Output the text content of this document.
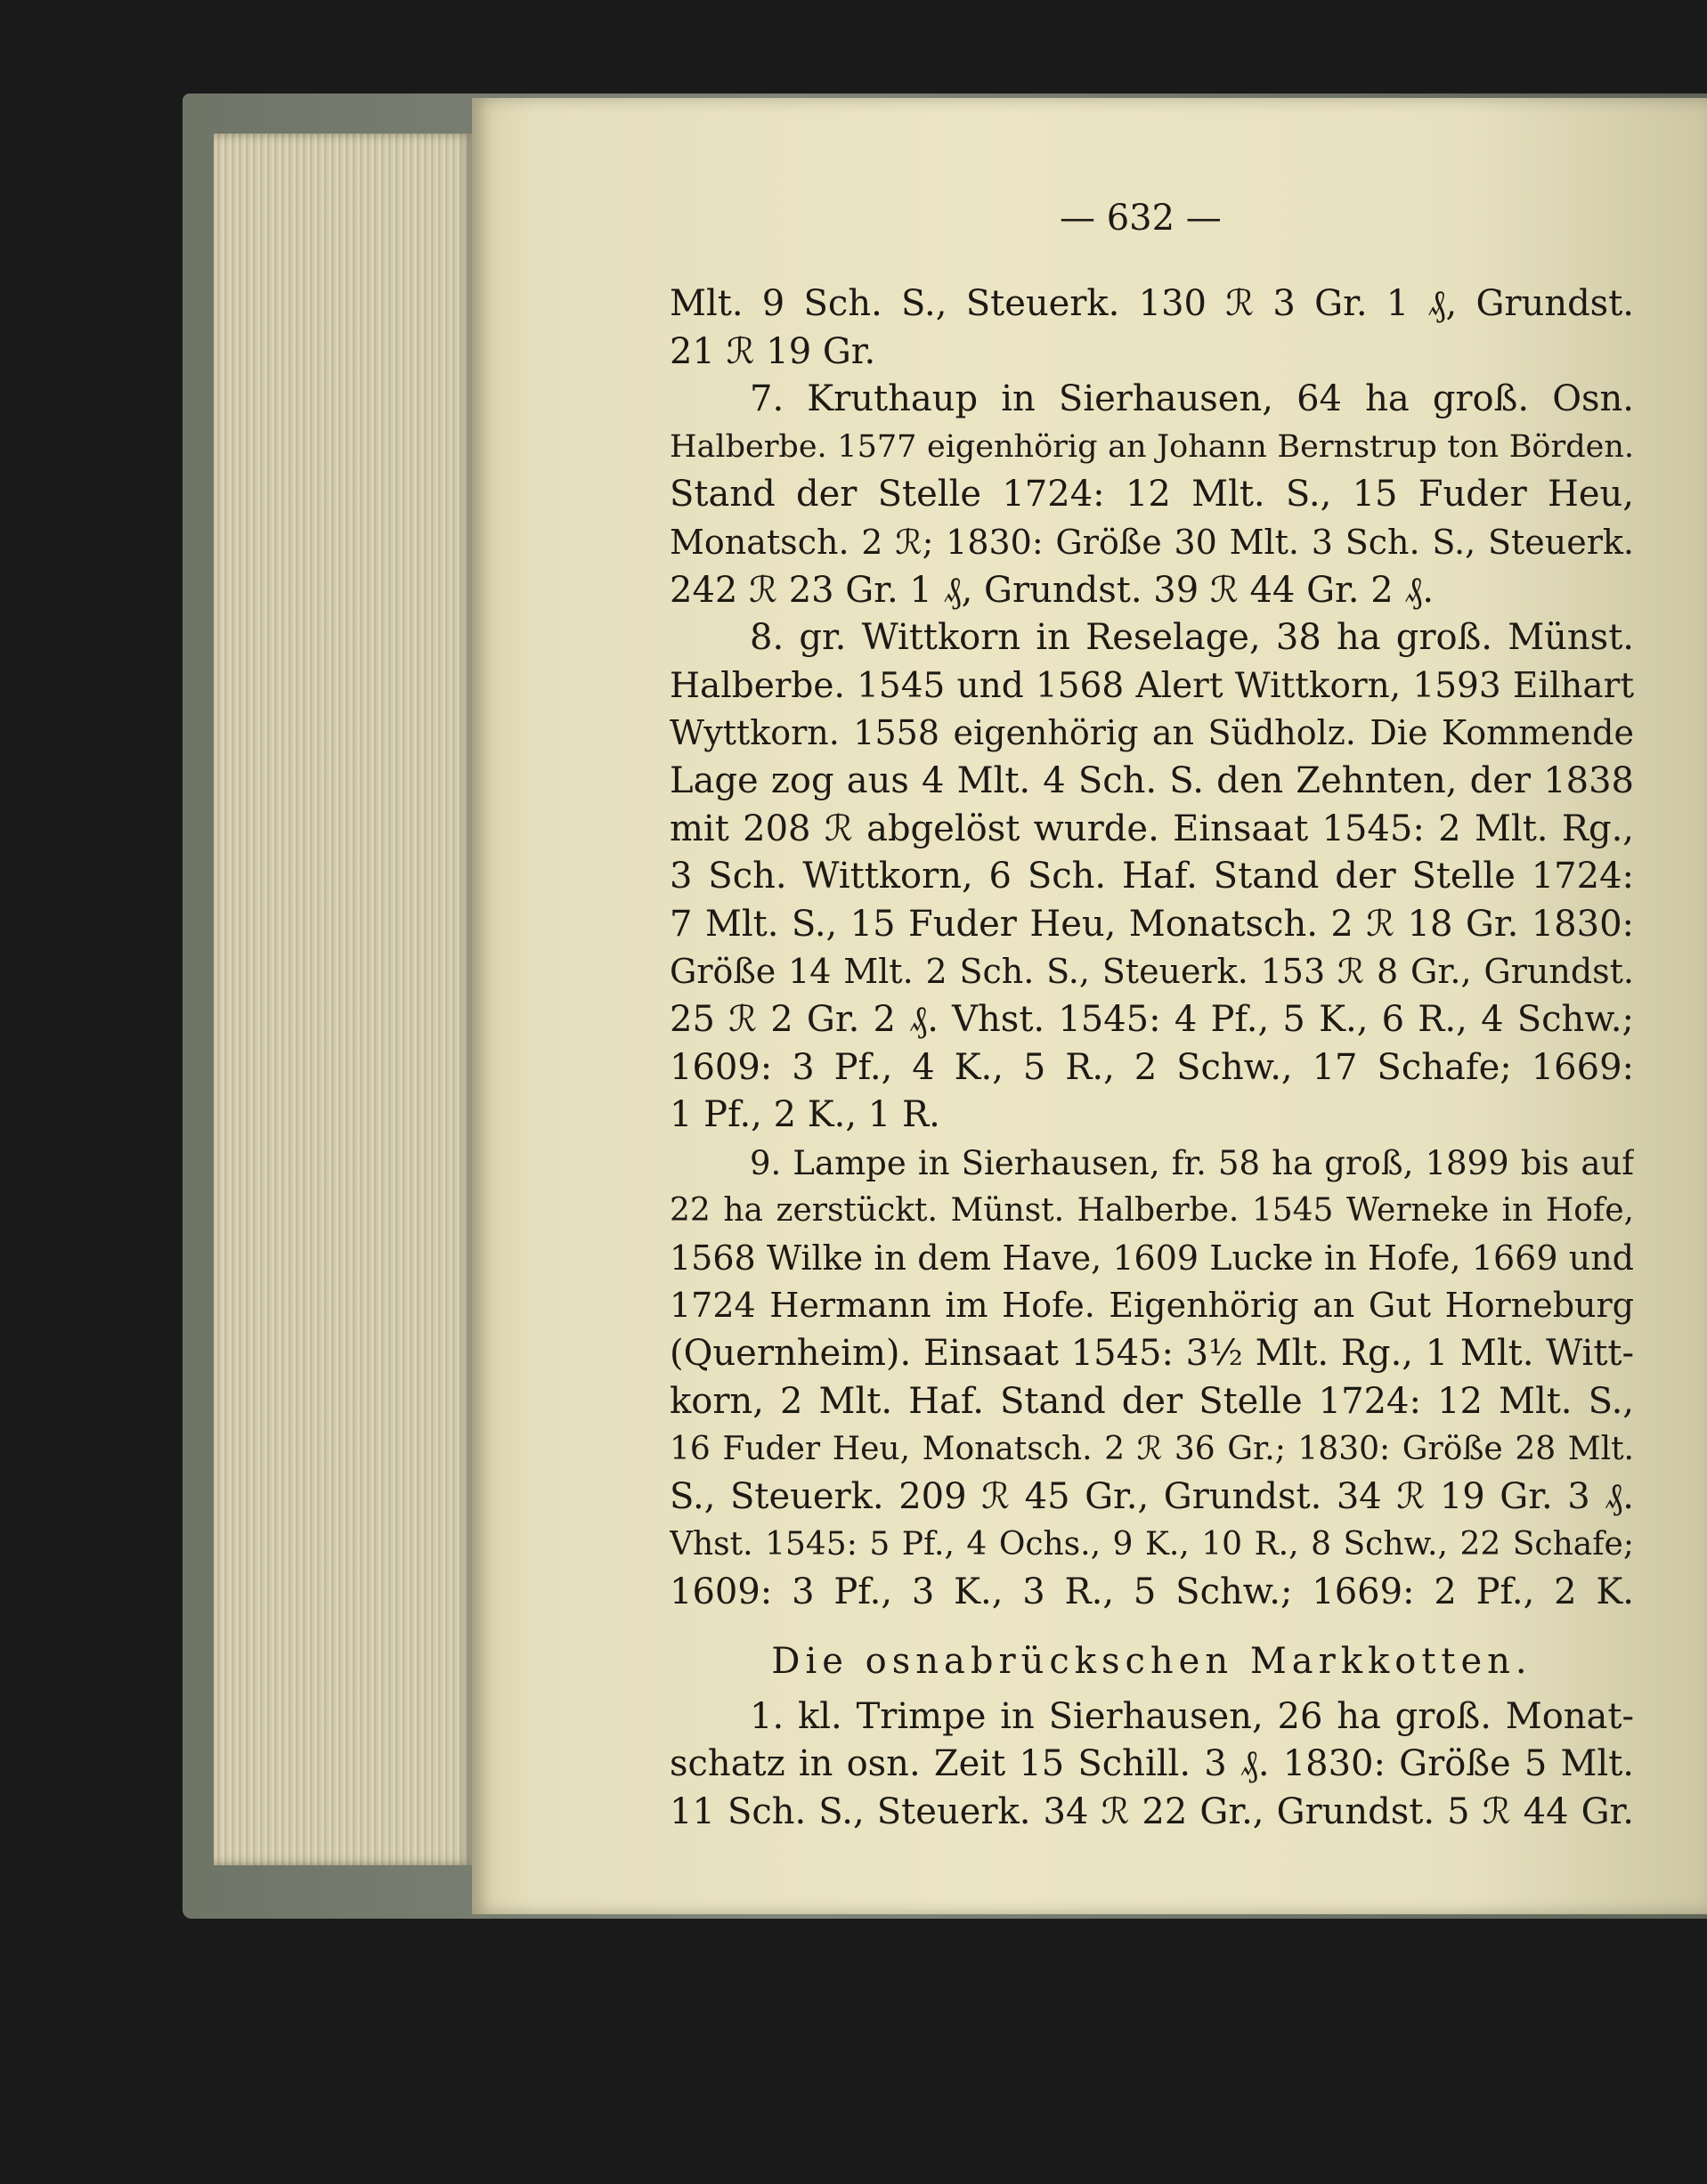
— 632 —
Mlt. 9 Sch. S., Steuerk. 130 ℛ 3 Gr. 1 ₰, Grundst.
21 ℛ 19 Gr.
7. Kruthaup in Sierhausen, 64 ha groß. Osn.
Halberbe. 1577 eigenhörig an Johann Bernstrup ton Börden.
Stand der Stelle 1724: 12 Mlt. S., 15 Fuder Heu,
Monatsch. 2 ℛ; 1830: Größe 30 Mlt. 3 Sch. S., Steuerk.
242 ℛ 23 Gr. 1 ₰, Grundst. 39 ℛ 44 Gr. 2 ₰.
8. gr. Wittkorn in Reselage, 38 ha groß. Münst.
Halberbe. 1545 und 1568 Alert Wittkorn, 1593 Eilhart
Wyttkorn. 1558 eigenhörig an Südholz. Die Kommende
Lage zog aus 4 Mlt. 4 Sch. S. den Zehnten, der 1838
mit 208 ℛ abgelöst wurde. Einsaat 1545: 2 Mlt. Rg.,
3 Sch. Wittkorn, 6 Sch. Haf. Stand der Stelle 1724:
7 Mlt. S., 15 Fuder Heu, Monatsch. 2 ℛ 18 Gr. 1830:
Größe 14 Mlt. 2 Sch. S., Steuerk. 153 ℛ 8 Gr., Grundst.
25 ℛ 2 Gr. 2 ₰. Vhst. 1545: 4 Pf., 5 K., 6 R., 4 Schw.;
1609: 3 Pf., 4 K., 5 R., 2 Schw., 17 Schafe; 1669:
1 Pf., 2 K., 1 R.
9. Lampe in Sierhausen, fr. 58 ha groß, 1899 bis auf
22 ha zerstückt. Münst. Halberbe. 1545 Werneke in Hofe,
1568 Wilke in dem Have, 1609 Lucke in Hofe, 1669 und
1724 Hermann im Hofe. Eigenhörig an Gut Horneburg
(Quernheim). Einsaat 1545: 3½ Mlt. Rg., 1 Mlt. Witt-
korn, 2 Mlt. Haf. Stand der Stelle 1724: 12 Mlt. S.,
16 Fuder Heu, Monatsch. 2 ℛ 36 Gr.; 1830: Größe 28 Mlt.
S., Steuerk. 209 ℛ 45 Gr., Grundst. 34 ℛ 19 Gr. 3 ₰.
Vhst. 1545: 5 Pf., 4 Ochs., 9 K., 10 R., 8 Schw., 22 Schafe;
1609: 3 Pf., 3 K., 3 R., 5 Schw.; 1669: 2 Pf., 2 K.
Die osnabrückschen Markkotten.
1. kl. Trimpe in Sierhausen, 26 ha groß. Monat-
schatz in osn. Zeit 15 Schill. 3 ₰. 1830: Größe 5 Mlt.
11 Sch. S., Steuerk. 34 ℛ 22 Gr., Grundst. 5 ℛ 44 Gr.
